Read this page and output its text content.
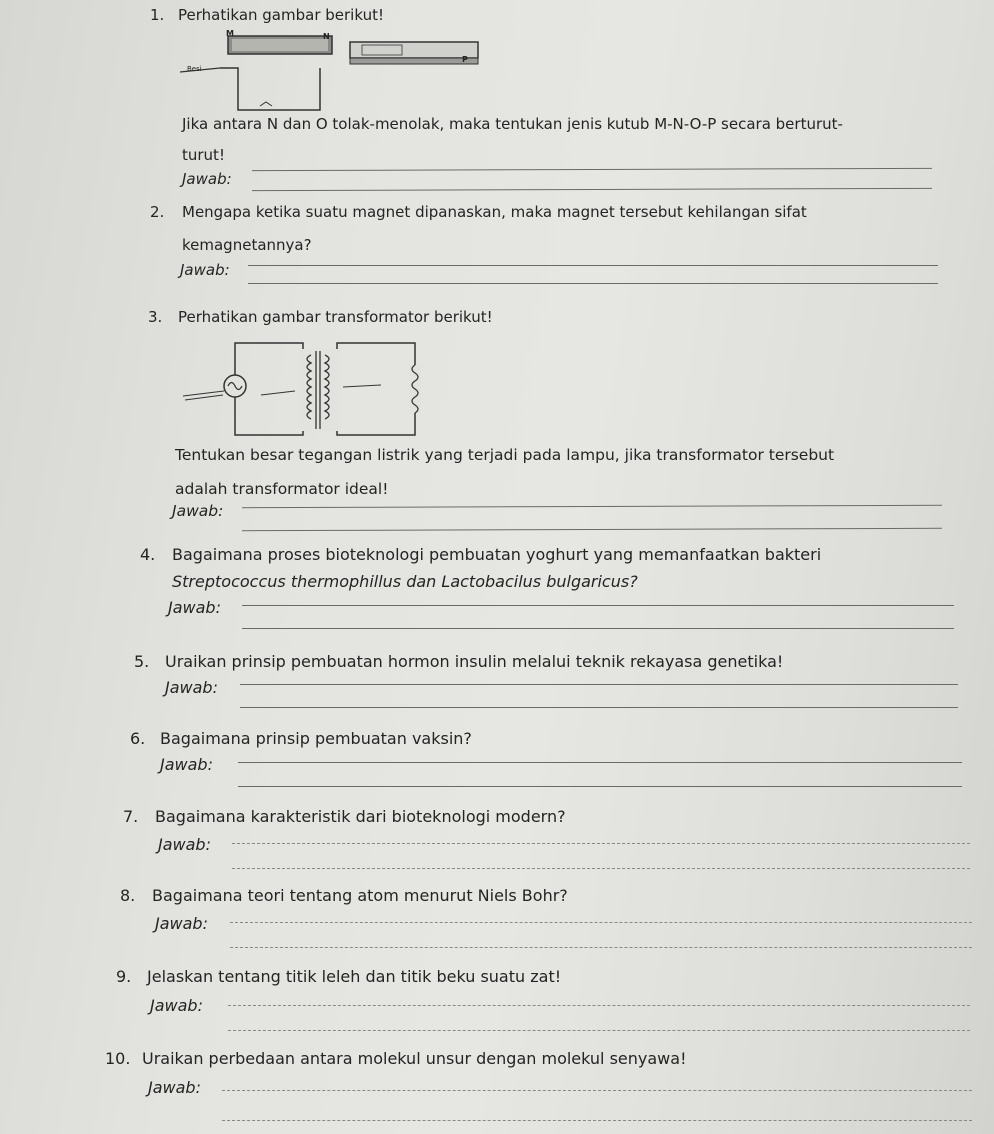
1. Perhatikan gambar berikut!
M	N
P
Besi
Jika antara N dan O tolak-menolak, maka tentukan jenis kutub M-N-O-P secara berturut-
turut!
Jawab:
2. Mengapa ketika suatu magnet dipanaskan, maka magnet tersebut kehilangan sifat
kemagnetannya?
Jawab:
3. Perhatikan gambar transformator berikut!
Tentukan besar tegangan listrik yang terjadi pada lampu, jika transformator tersebut
adalah transformator ideal!
Jawab:
4. Bagaimana proses bioteknologi pembuatan yoghurt yang memanfaatkan bakteri
Streptococcus thermophillus dan Lactobacilus bulgaricus?
Jawab:
5. Uraikan prinsip pembuatan hormon insulin melalui teknik rekayasa genetika!
Jawab:
6. Bagaimana prinsip pembuatan vaksin?
Jawab:
7. Bagaimana karakteristik dari bioteknologi modern?
Jawab:
8. Bagaimana teori tentang atom menurut Niels Bohr?
Jawab:
9. Jelaskan tentang titik leleh dan titik beku suatu zat!
Jawab:
10. Uraikan perbedaan antara molekul unsur dengan molekul senyawa!
Jawab:
